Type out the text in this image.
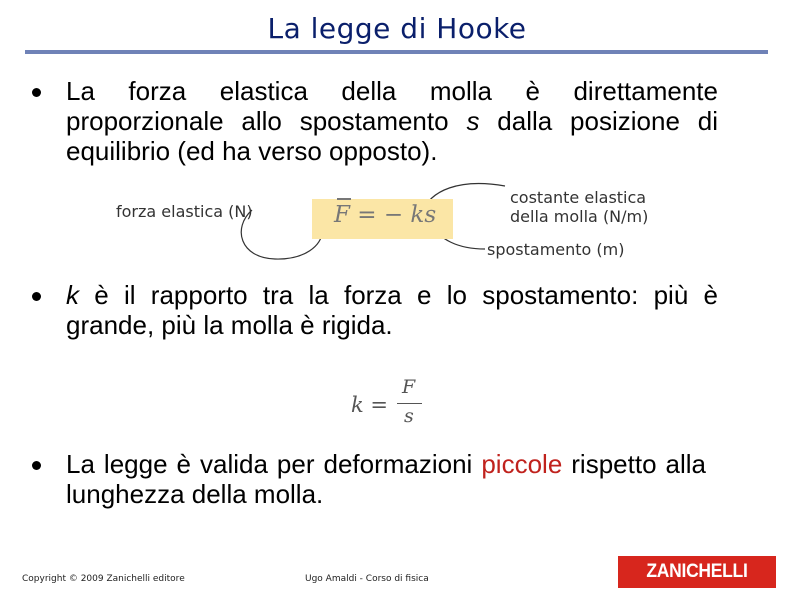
La legge di Hooke
La forza elastica della molla è direttamente proporzionale allo spostamento s dalla posizione di equilibrio (ed ha verso opposto).
F = − ks
forza elastica (N)
costante elastica
della molla (N/m)
spostamento (m)
k è il rapporto tra la forza e lo spostamento: più è grande, più la molla è rigida.
k =
F
s
La legge è valida per deformazioni piccole rispetto alla lunghezza della molla.
Copyright © 2009 Zanichelli editore	Ugo Amaldi - Corso di fisica	ZANICHELLI
